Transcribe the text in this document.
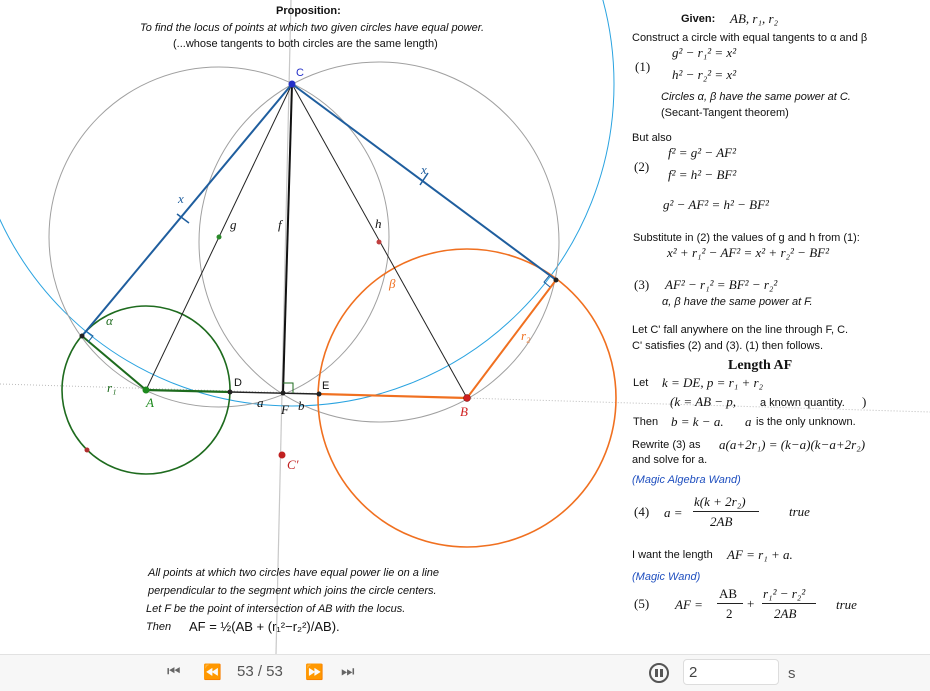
C
A
B
D	E
F
C′
f
g	h
x
x
α
β
a	b
r₁
r₂
Proposition:
To find the locus of points at which two given circles have equal power.
(...whose tangents to both circles are the same length)
All points at which two circles have equal power lie on a line
perpendicular to the segment which joins the circle centers.
Let F be the point of intersection of AB with the locus.
Then AF = ½(AB + (r₁²−r₂²)/AB).
Given: AB, r₁, r₂
Construct a circle with equal tangents to α and β
(1)
g² − r₁² = x²
h² − r₂² = x²
Circles α, β have the same power at C.
(Secant-Tangent theorem)
But also
(2)
f² = g² − AF²
f² = h² − BF²
g² − AF² = h² − BF²
Substitute in (2) the values of g and h from (1):
x² + r₁² − AF² = x² + r₂² − BF²
(3) AF² − r₁² = BF² − r₂²
α, β have the same power at F.
Let C' fall anywhere on the line through F, C.
C' satisfies (2) and (3). (1) then follows.
Length AF
Let k = DE, p = r₁ + r₂
(k = AB − p, a known quantity. )
Then b = k − a. a is the only unknown.
Rewrite (3) as a(a+2r₁) = (k−a)(k−a+2r₂)
and solve for a.
(Magic Algebra Wand)
(4) a =
k(k + 2r₂)
2AB
true
I want the length AF = r₁ + a.
(Magic Wand)
(5) AF =
AB
2
+
r₁² − r₂²
2AB
true
⏮ ⏪ 53 / 53 ⏩ ⏭
2	s
